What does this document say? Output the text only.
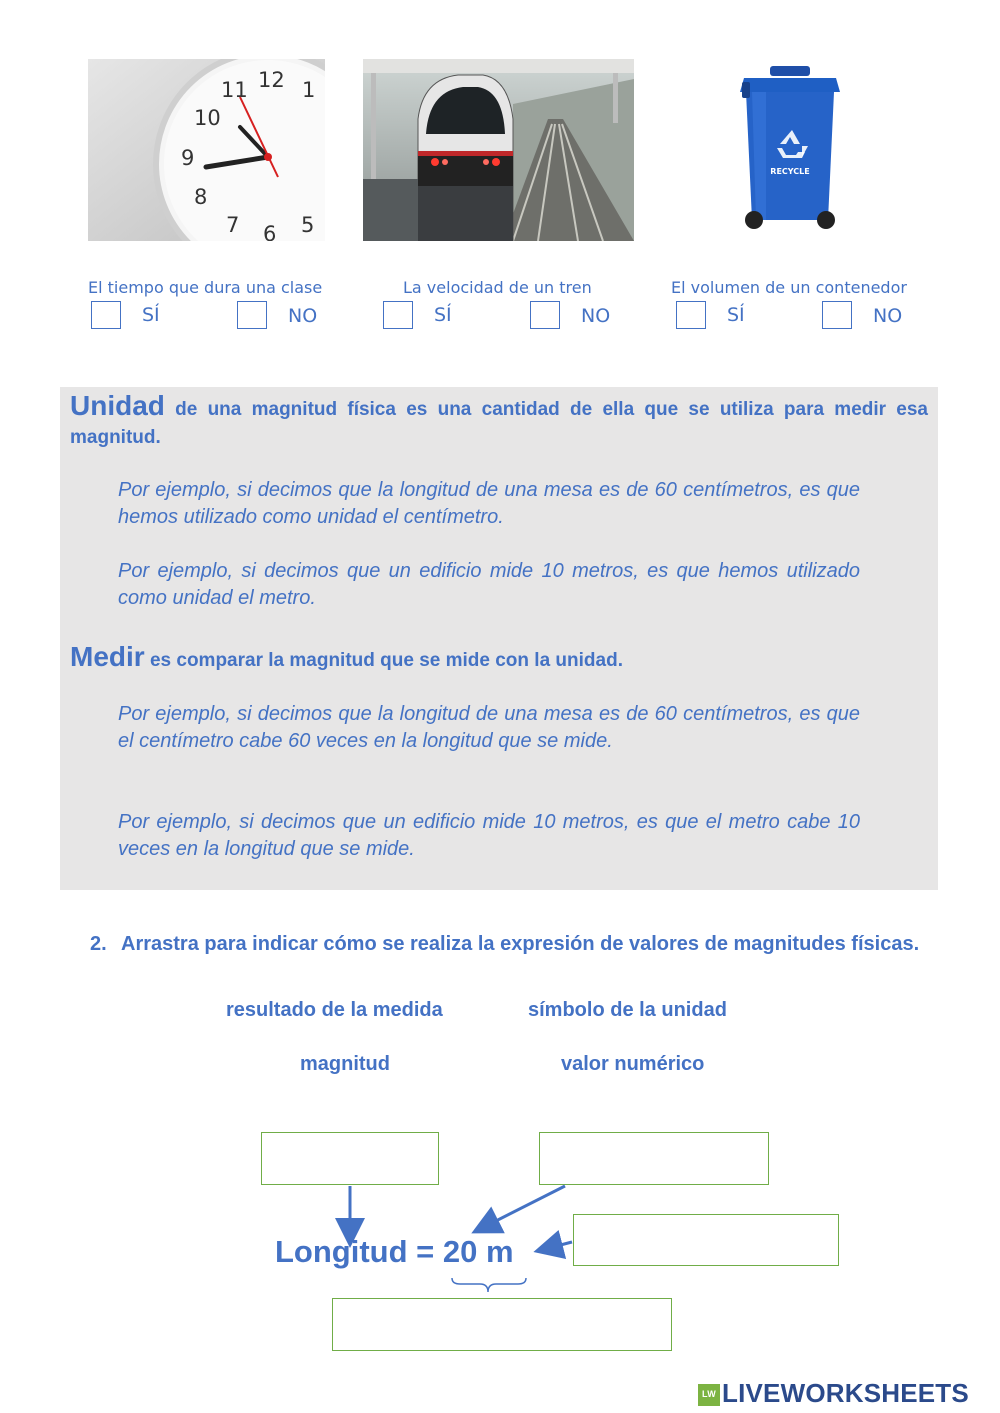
11 12 1
10
9
8
7 6 5
RECYCLE
El tiempo que dura una clase	La velocidad de un tren	El volumen de un contenedor
SÍ	NO	SÍ	NO	SÍ	NO
Unidad de una magnitud física es una cantidad de ella que se utiliza para medir esa magnitud.
Por ejemplo, si decimos que la longitud de una mesa es de 60 centímetros, es que hemos utilizado como unidad el centímetro.
Por ejemplo, si decimos que un edificio mide 10 metros, es que hemos utilizado como unidad el metro.
Medir es comparar la magnitud que se mide con la unidad.
Por ejemplo, si decimos que la longitud de una mesa es de 60 centímetros, es que el centímetro cabe 60 veces en la longitud que se mide.
Por ejemplo, si decimos que un edificio mide 10 metros, es que el metro cabe 10 veces en la longitud que se mide.
2. Arrastra para indicar cómo se realiza la expresión de valores de magnitudes físicas.
resultado de la medida	símbolo de la unidad
magnitud	valor numérico
Longitud = 20 m
LW LIVEWORKSHEETS
